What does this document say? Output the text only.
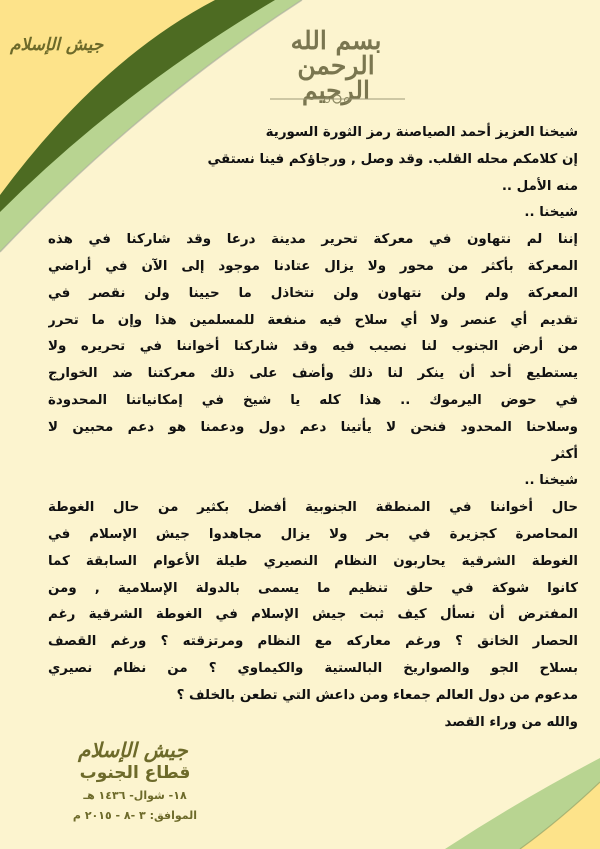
جيش الإسلام	بسم الله الرحمن الرحيم
شيخنا العزيز أحمد الصياصنة رمز الثورة السورية
إن كلامكم محله القلب. وقد وصل , ورجاؤكم فينا نستقي
منه الأمل ..
شيخنا ..
إننا لم نتهاون في معركة تحرير مدينة درعا وقد شاركنا في هذه
المعركة بأكثر من محور ولا يزال عتادنا موجود إلى الآن في أراضي
المعركة ولم ولن نتهاون ولن نتخاذل ما حيينا ولن نقصر في
تقديم أي عنصر ولا أي سلاح فيه منفعة للمسلمين هذا وإن ما تحرر
من أرض الجنوب لنا نصيب فيه وقد شاركنا أخواننا في تحريره ولا
يستطيع أحد أن ينكر لنا ذلك وأضف على ذلك معركتنا ضد الخوارج
في حوض اليرموك .. هذا كله يا شيخ في إمكانياتنا المحدودة
وسلاحنا المحدود فنحن لا يأتينا دعم دول ودعمنا هو دعم محبين لا
أكثر
شيخنا ..
حال أخواننا في المنطقة الجنوبية أفضل بكثير من حال الغوطة
المحاصرة كجزيرة في بحر ولا يزال مجاهدوا جيش الإسلام في
الغوطة الشرقية يحاربون النظام النصيري طيلة الأعوام السابقة كما
كانوا شوكة في حلق تنظيم ما يسمى بالدولة الإسلامية , ومن
المفترض أن نسأل كيف ثبت جيش الإسلام في الغوطة الشرقية رغم
الحصار الخانق ؟ ورغم معاركه مع النظام ومرتزقته ؟ ورغم القصف
بسلاح الجو والصواريخ البالستية والكيماوي ؟ من نظام نصيري
مدعوم من دول العالم جمعاء ومن داعش التي تطعن بالخلف ؟
والله من وراء القصد
جيش الإسلام
قطاع الجنوب
١٨- شوال- ١٤٣٦ هـ
الموافق: ٣ -٨ - ٢٠١٥ م
